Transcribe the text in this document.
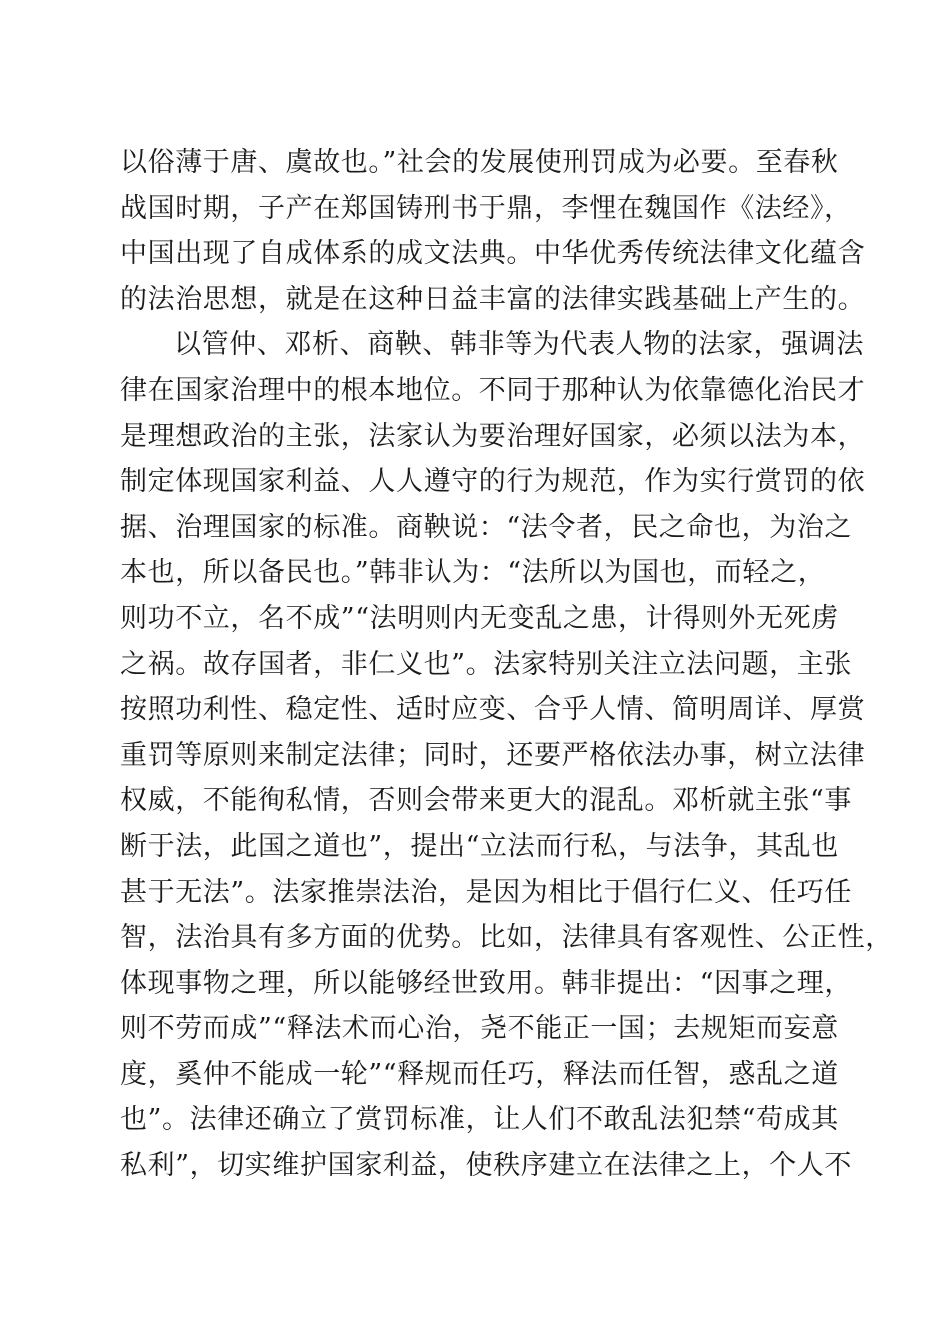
以俗薄于唐、虞故也。”社会的发展使刑罚成为必要。至春秋
战国时期，子产在郑国铸刑书于鼎，李悝在魏国作《法经》，
中国出现了自成体系的成文法典。中华优秀传统法律文化蕴含
的法治思想，就是在这种日益丰富的法律实践基础上产生的。
以管仲、邓析、商鞅、韩非等为代表人物的法家，强调法
律在国家治理中的根本地位。不同于那种认为依靠德化治民才
是理想政治的主张，法家认为要治理好国家，必须以法为本，
制定体现国家利益、人人遵守的行为规范，作为实行赏罚的依
据、治理国家的标准。商鞅说：“法令者，民之命也，为治之
本也，所以备民也。”韩非认为：“法所以为国也，而轻之，
则功不立，名不成”“法明则内无变乱之患，计得则外无死虏
之祸。故存国者，非仁义也”。法家特别关注立法问题，主张
按照功利性、稳定性、适时应变、合乎人情、简明周详、厚赏
重罚等原则来制定法律；同时，还要严格依法办事，树立法律
权威，不能徇私情，否则会带来更大的混乱。邓析就主张“事
断于法，此国之道也”，提出“立法而行私，与法争，其乱也
甚于无法”。法家推崇法治，是因为相比于倡行仁义、任巧任
智，法治具有多方面的优势。比如，法律具有客观性、公正性，
体现事物之理，所以能够经世致用。韩非提出：“因事之理，
则不劳而成”“释法术而心治，尧不能正一国；去规矩而妄意
度，奚仲不能成一轮”“释规而任巧，释法而任智，惑乱之道
也”。法律还确立了赏罚标准，让人们不敢乱法犯禁“苟成其
私利”，切实维护国家利益，使秩序建立在法律之上，个人不
